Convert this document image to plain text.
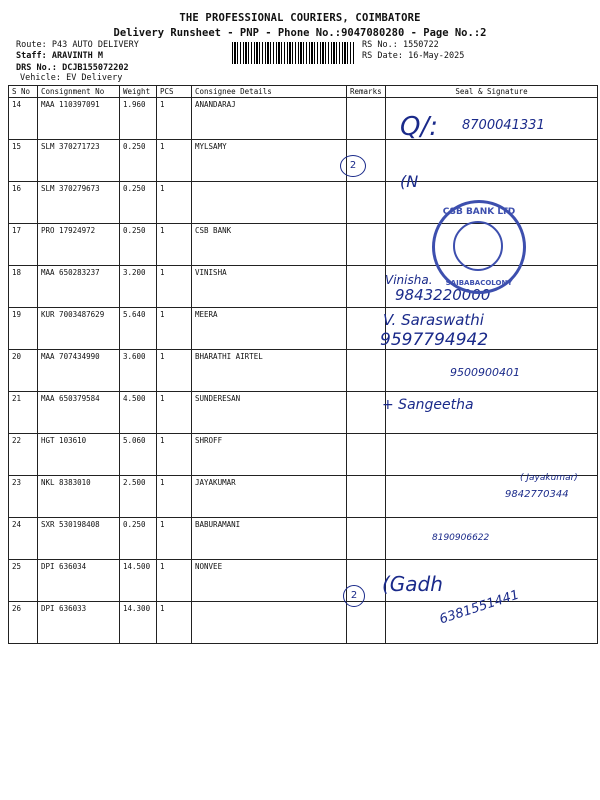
THE PROFESSIONAL COURIERS, COIMBATORE
Delivery Runsheet - PNP - Phone No.:9047080280 - Page No.:2
Route: P43 AUTO DELIVERY
Staff: ARAVINTH M
DRS No.: DCJB155072202
Vehicle: EV Delivery
RS No.: 1550722
RS Date: 16-May-2025
S No	Consignment No	Weight	PCS	Consignee Details	Remarks	Seal & Signature
14	MAA 110397091	1.960	1	ANANDARAJ		
15	SLM 370271723	0.250	1	MYLSAMY		
16	SLM 370279673	0.250	1			
17	PRO 17924972	0.250	1	CSB BANK		
18	MAA 650283237	3.200	1	VINISHA		
19	KUR 7003487629	5.640	1	MEERA		
20	MAA 707434990	3.600	1	BHARATHI AIRTEL		
21	MAA 650379584	4.500	1	SUNDERESAN		
22	HGT 103610	5.060	1	SHROFF		
23	NKL 8383010	2.500	1	JAYAKUMAR		
24	SXR 530198408	0.250	1	BABURAMANI		
25	DPI 636034	14.500	1	NONVEE		
26	DPI 636033	14.300	1			
Q/: 8700041331
2
(N
Vinisha.
9843220000
V. Saraswathi
9597794942
9500900401
+ Sangeetha
( Jayakumar)
9842770344
8190906622
2	(Gadh
6381551441
CSB BANK LTD
SAIBABACOLONY
